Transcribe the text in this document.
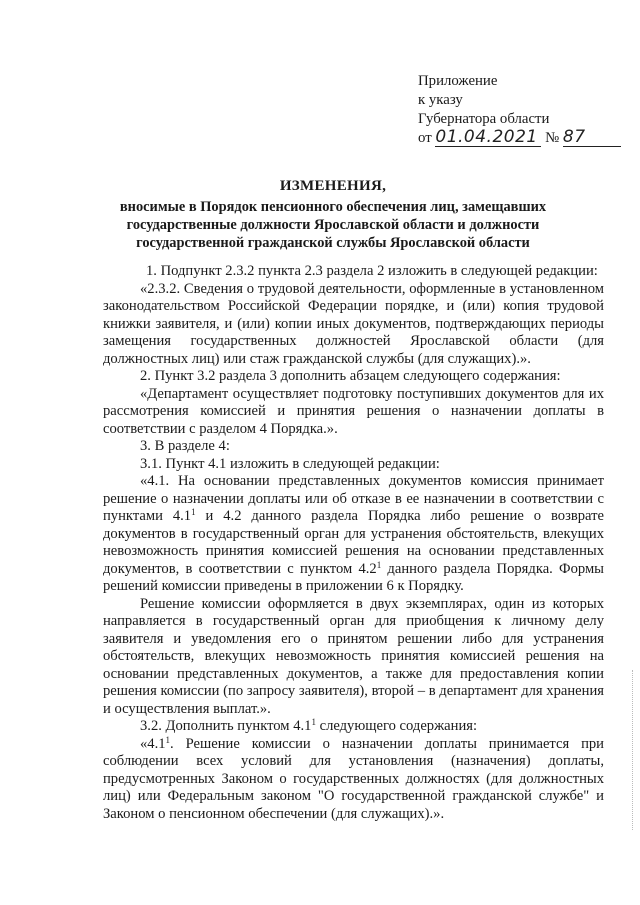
Приложение
к указу
Губернатора области
от 01.04.2021 № 87
ИЗМЕНЕНИЯ,
вносимые в Порядок пенсионного обеспечения лиц, замещавших государственные должности Ярославской области и должности государственной гражданской службы Ярославской области

1. Подпункт 2.3.2 пункта 2.3 раздела 2 изложить в следующей редакции:

«2.3.2. Сведения о трудовой деятельности, оформленные в установленном законодательством Российской Федерации порядке, и (или) копия трудовой книжки заявителя, и (или) копии иных документов, подтверждающих периоды замещения государственных должностей Ярославской области (для должностных лиц) или стаж гражданской службы (для служащих).».

2. Пункт 3.2 раздела 3 дополнить абзацем следующего содержания:

«Департамент осуществляет подготовку поступивших документов для их рассмотрения комиссией и принятия решения о назначении доплаты в соответствии с разделом 4 Порядка.».

3. В разделе 4:

3.1. Пункт 4.1 изложить в следующей редакции:

«4.1. На основании представленных документов комиссия принимает решение о назначении доплаты или об отказе в ее назначении в соответствии с пунктами $4.1^1$ и 4.2 данного раздела Порядка либо решение о возврате документов в государственный орган для устранения обстоятельств, влекущих невозможность принятия комиссией решения на основании представленных документов, в соответствии с пунктом $4.2^1$ данного раздела Порядка. Формы решений комиссии приведены в приложении 6 к Порядку.

Решение комиссии оформляется в двух экземплярах, один из которых направляется в государственный орган для приобщения к личному делу заявителя и уведомления его о принятом решении либо для устранения обстоятельств, влекущих невозможность принятия комиссией решения на основании представленных документов, а также для предоставления копии решения комиссии (по запросу заявителя), второй – в департамент для хранения и осуществления выплат.».

3.2. Дополнить пунктом $4.1^1$ следующего содержания:

«$4.1^1$. Решение комиссии о назначении доплаты принимается при соблюдении всех условий для установления (назначения) доплаты, предусмотренных Законом о государственных должностях (для должностных лиц) или Федеральным законом "О государственной гражданской службе" и Законом о пенсионном обеспечении (для служащих).».
